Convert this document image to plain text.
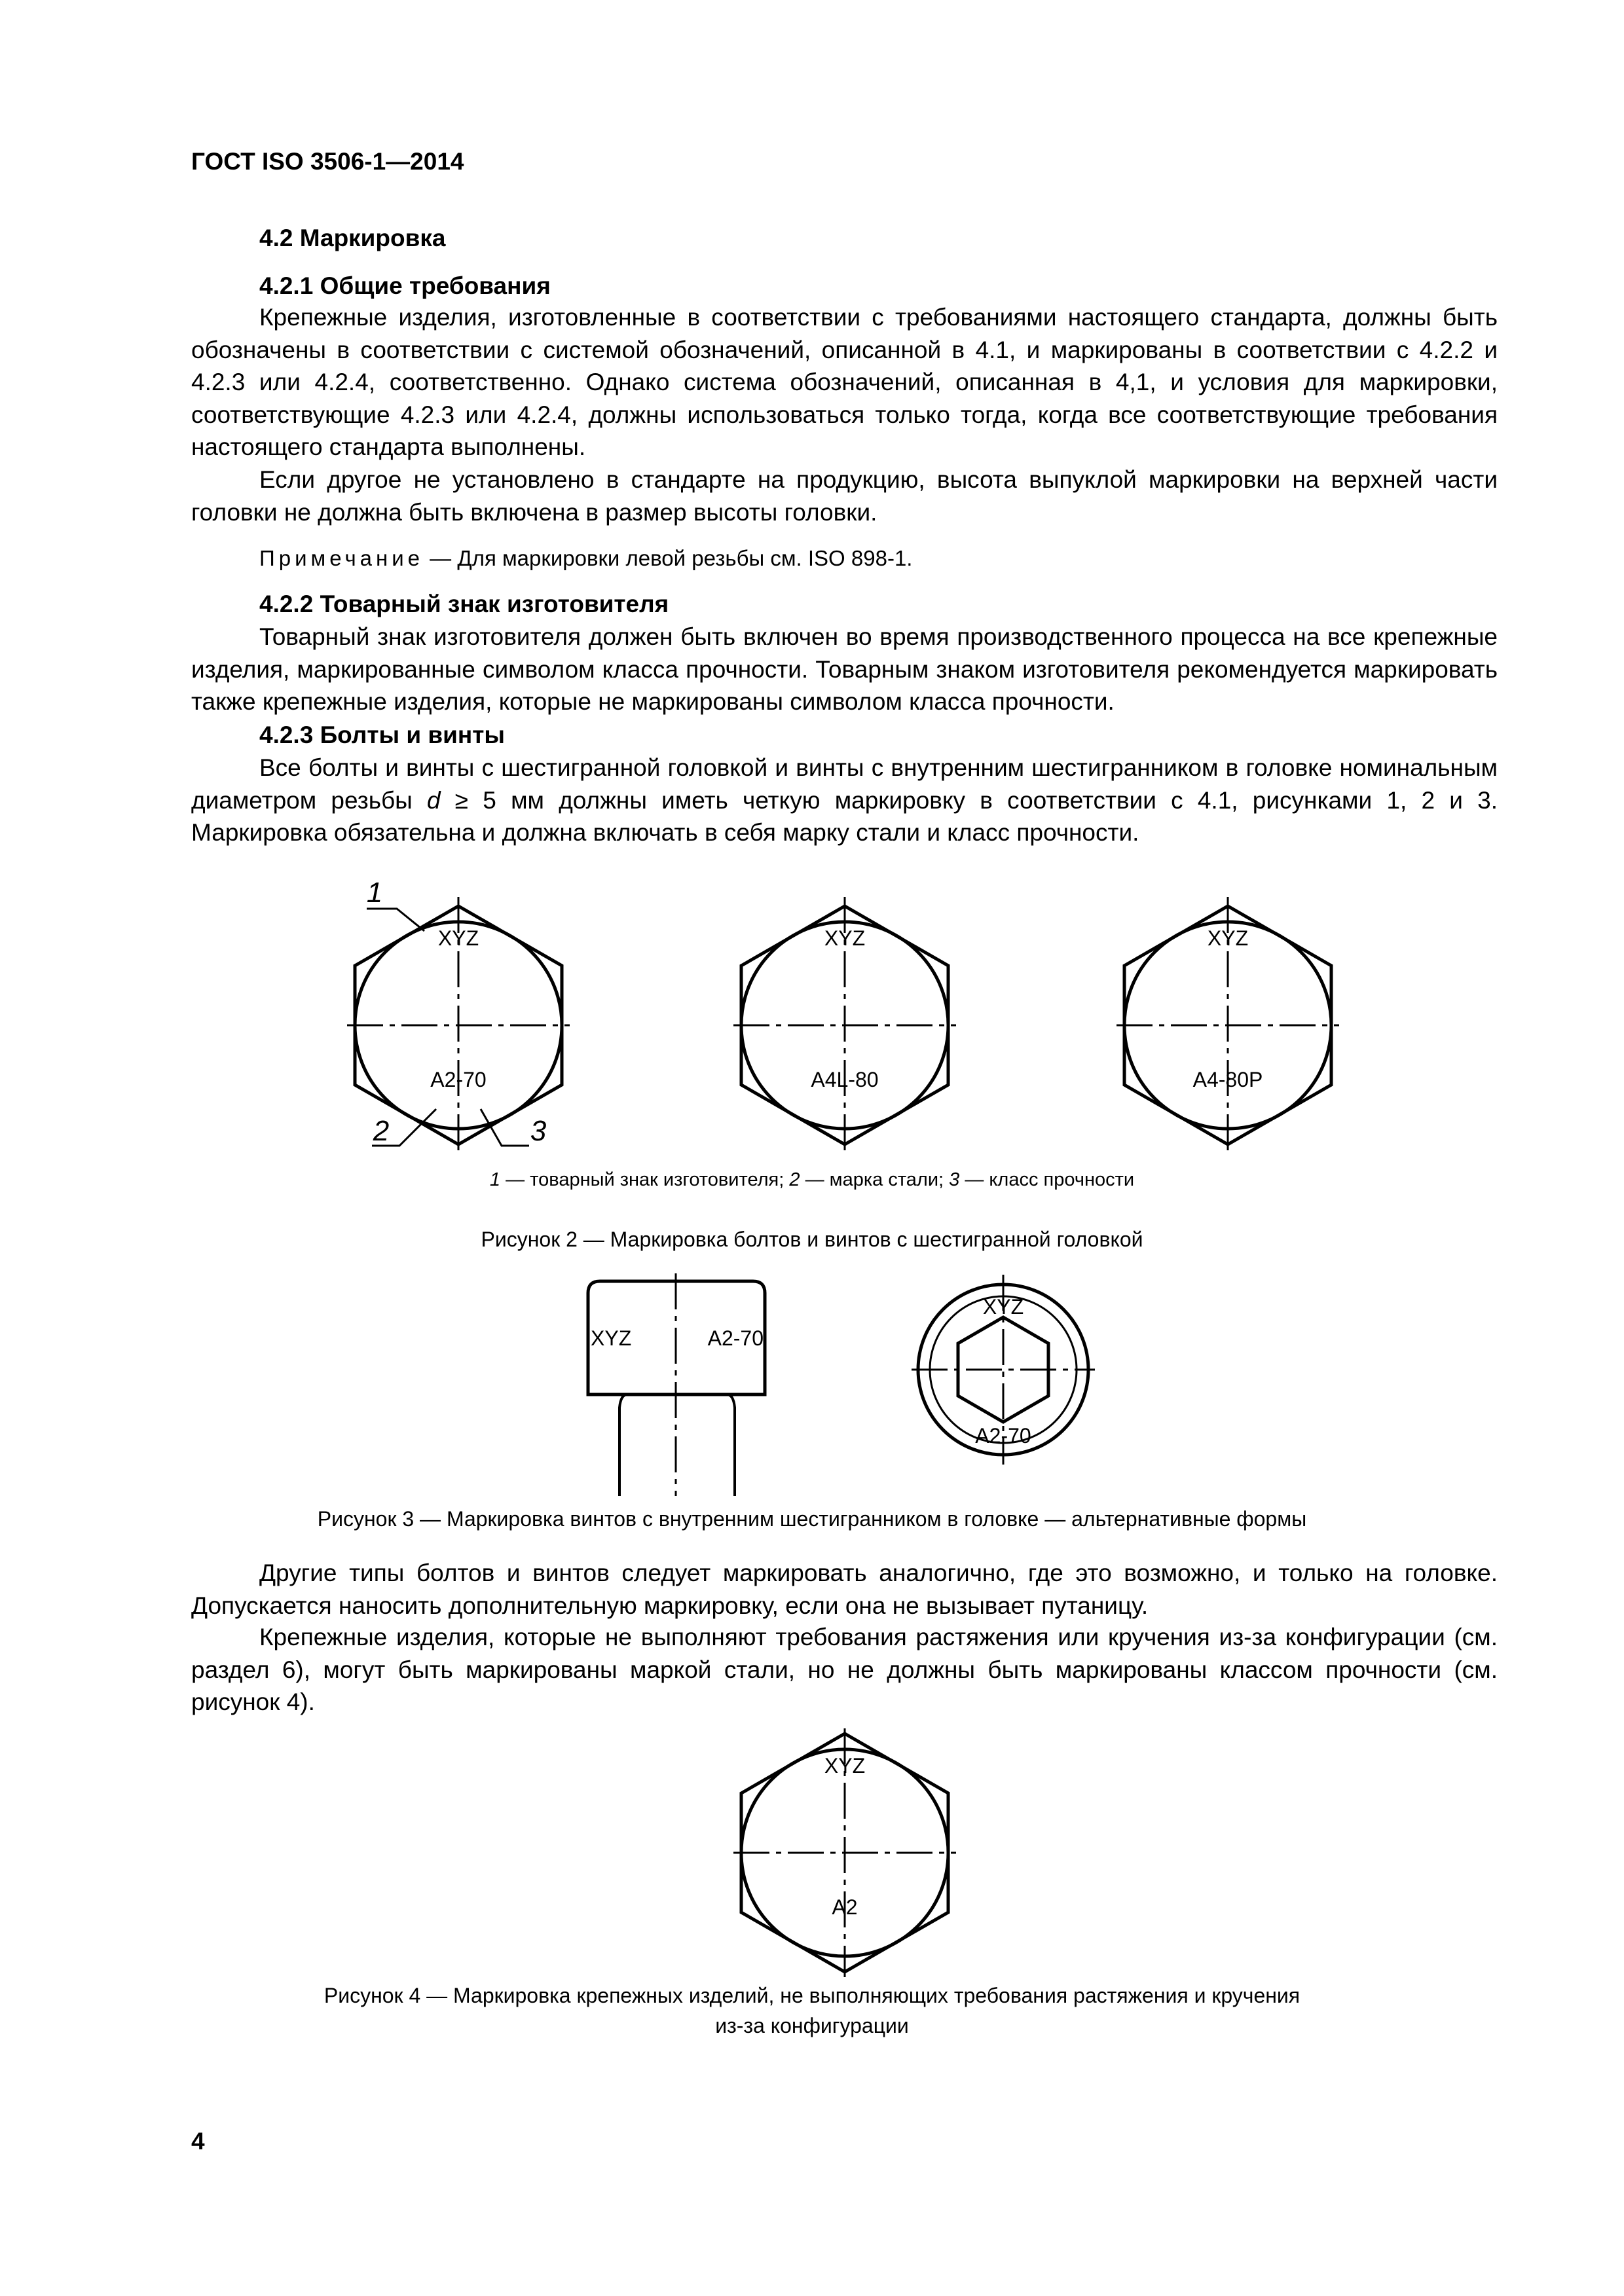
ГОСТ ISO 3506-1—2014
4.2 Маркировка
4.2.1 Общие требования
Крепежные изделия, изготовленные в соответствии с требованиями настоящего стандарта, должны быть обозначены в соответствии с системой обозначений, описанной в 4.1, и маркированы в соответствии с 4.2.2 и 4.2.3 или 4.2.4, соответственно. Однако система обозначений, описанная в 4,1, и условия для маркировки, соответствующие 4.2.3 или 4.2.4, должны использоваться только тогда, когда все соответствующие требования настоящего стандарта выполнены.
Если другое не установлено в стандарте на продукцию, высота выпуклой маркировки на верхней части головки не должна быть включена в размер высоты головки.
Примечание — Для маркировки левой резьбы см. ISO 898-1.
4.2.2 Товарный знак изготовителя
Товарный знак изготовителя должен быть включен во время производственного процесса на все крепежные изделия, маркированные символом класса прочности. Товарным знаком изготовителя рекомендуется маркировать также крепежные изделия, которые не маркированы символом класса прочности.
4.2.3 Болты и винты
Все болты и винты с шестигранной головкой и винты с внутренним шестигранником в головке номинальным диаметром резьбы d ≥ 5 мм должны иметь четкую маркировку в соответствии с 4.1, рисунками 1, 2 и 3. Маркировка обязательна и должна включать в себя марку стали и класс прочности.
XYZ
A2-70
1
2	3
XYZ
A4L-80
XYZ
A4-80P
1 — товарный знак изготовителя; 2 — марка стали; 3 — класс прочности
Рисунок 2 — Маркировка болтов и винтов с шестигранной головкой
XYZ	A2-70
XYZ
A2-70
Рисунок 3 — Маркировка винтов с внутренним шестигранником в головке — альтернативные формы
Другие типы болтов и винтов следует маркировать аналогично, где это возможно, и только на головке. Допускается наносить дополнительную маркировку, если она не вызывает путаницу.
Крепежные изделия, которые не выполняют требования растяжения или кручения из-за конфигурации (см. раздел 6), могут быть маркированы маркой стали, но не должны быть маркированы классом прочности (см. рисунок 4).
XYZ
A2
Рисунок 4 — Маркировка крепежных изделий, не выполняющих требования растяжения и кручения
из-за конфигурации
4
